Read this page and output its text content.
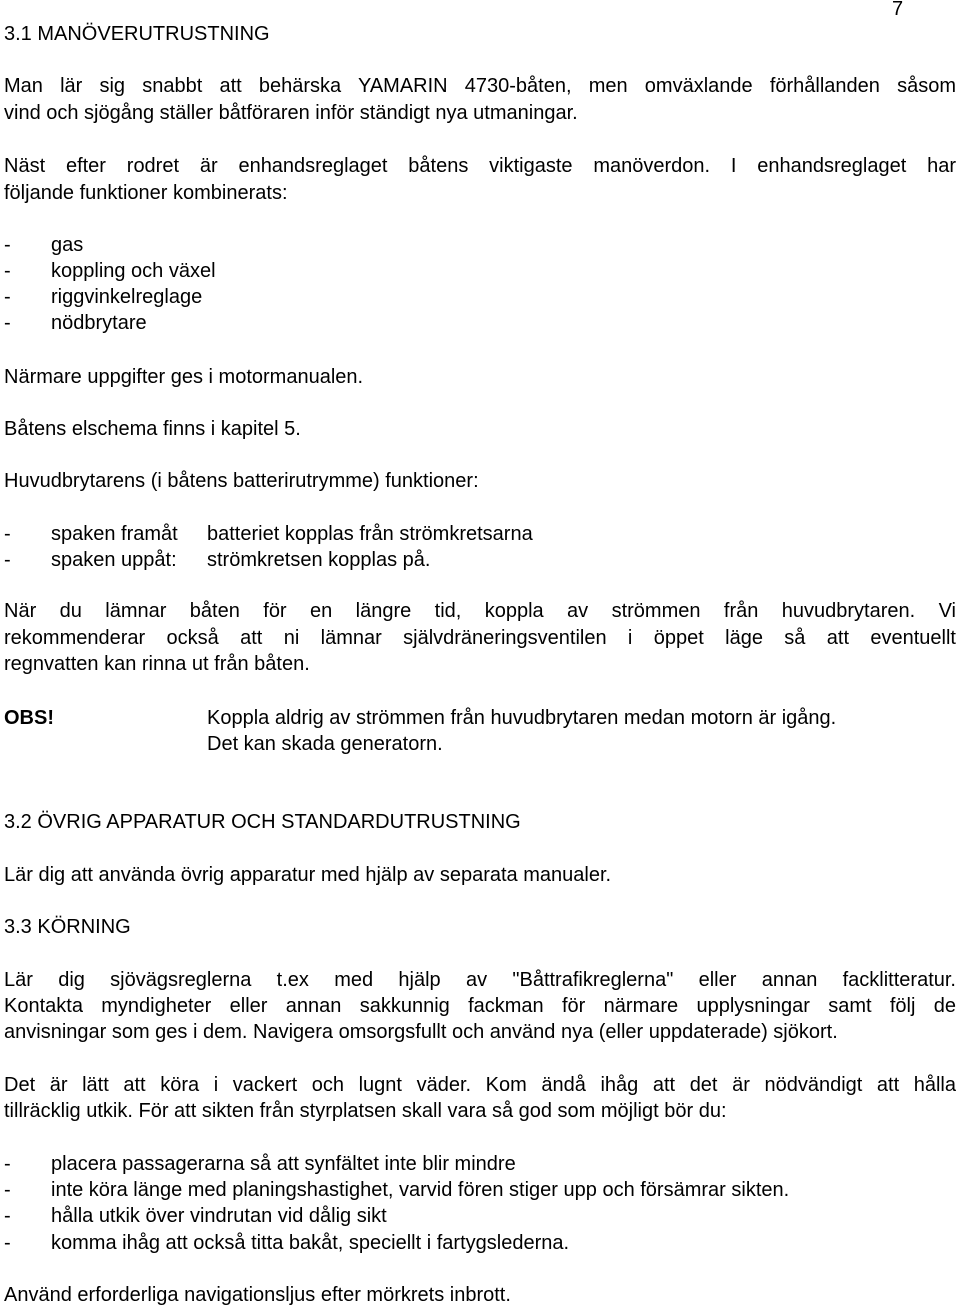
7
3.1 MANÖVERUTRUSTNING
Man lär sig snabbt att behärska YAMARIN 4730-båten, men omväxlande förhållanden såsom
vind och sjögång ställer båtföraren inför ständigt nya utmaningar.
Näst efter rodret är enhandsreglaget båtens viktigaste manöverdon. I enhandsreglaget har
följande funktioner kombinerats:
- gas
- koppling och växel
- riggvinkelreglage
- nödbrytare
Närmare uppgifter ges i motormanualen.
Båtens elschema finns i kapitel 5.
Huvudbrytarens (i båtens batterirutrymme) funktioner:
- spaken framåt batteriet kopplas från strömkretsarna
- spaken uppåt: strömkretsen kopplas på.
När du lämnar båten för en längre tid, koppla av strömmen från huvudbrytaren. Vi
rekommenderar också att ni lämnar självdräneringsventilen i öppet läge så att eventuellt
regnvatten kan rinna ut från båten.
OBS!	Koppla aldrig av strömmen från huvudbrytaren medan motorn är igång.
Det kan skada generatorn.
3.2 ÖVRIG APPARATUR OCH STANDARDUTRUSTNING
Lär dig att använda övrig apparatur med hjälp av separata manualer.
3.3 KÖRNING
Lär dig sjövägsreglerna t.ex med hjälp av "Båttrafikreglerna" eller annan facklitteratur.
Kontakta myndigheter eller annan sakkunnig fackman för närmare upplysningar samt följ de
anvisningar som ges i dem. Navigera omsorgsfullt och använd nya (eller uppdaterade) sjökort.
Det är lätt att köra i vackert och lugnt väder. Kom ändå ihåg att det är nödvändigt att hålla
tillräcklig utkik. För att sikten från styrplatsen skall vara så god som möjligt bör du:
- placera passagerarna så att synfältet inte blir mindre
- inte köra länge med planingshastighet, varvid fören stiger upp och försämrar sikten.
- hålla utkik över vindrutan vid dålig sikt
- komma ihåg att också titta bakåt, speciellt i fartygslederna.
Använd erforderliga navigationsljus efter mörkrets inbrott.
